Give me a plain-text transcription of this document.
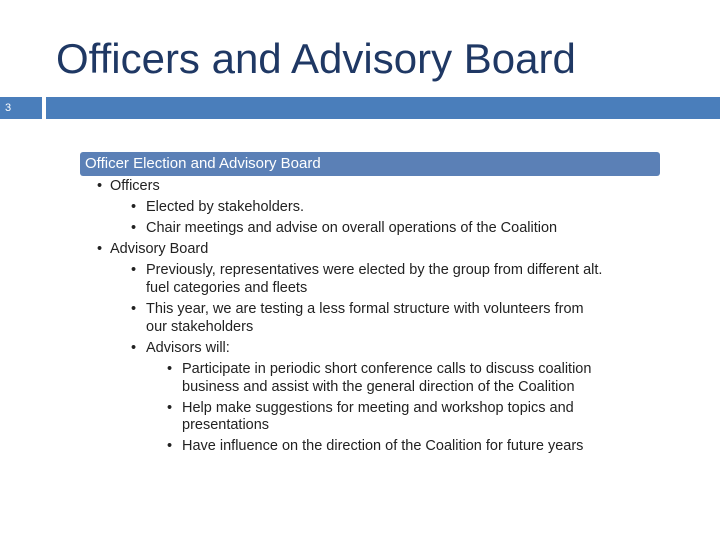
Officers and Advisory Board
3
Officer Election and Advisory Board
• Officers
• Elected by stakeholders.
• Chair meetings and advise on overall operations of the Coalition
• Advisory Board
• Previously, representatives were elected by the group from different alt.
fuel categories and fleets
• This year, we are testing a less formal structure with volunteers from
our stakeholders
• Advisors will:
• Participate in periodic short conference calls to discuss coalition
business and assist with the general direction of the Coalition
• Help make suggestions for meeting and workshop topics and
presentations
• Have influence on the direction of the Coalition for future years
